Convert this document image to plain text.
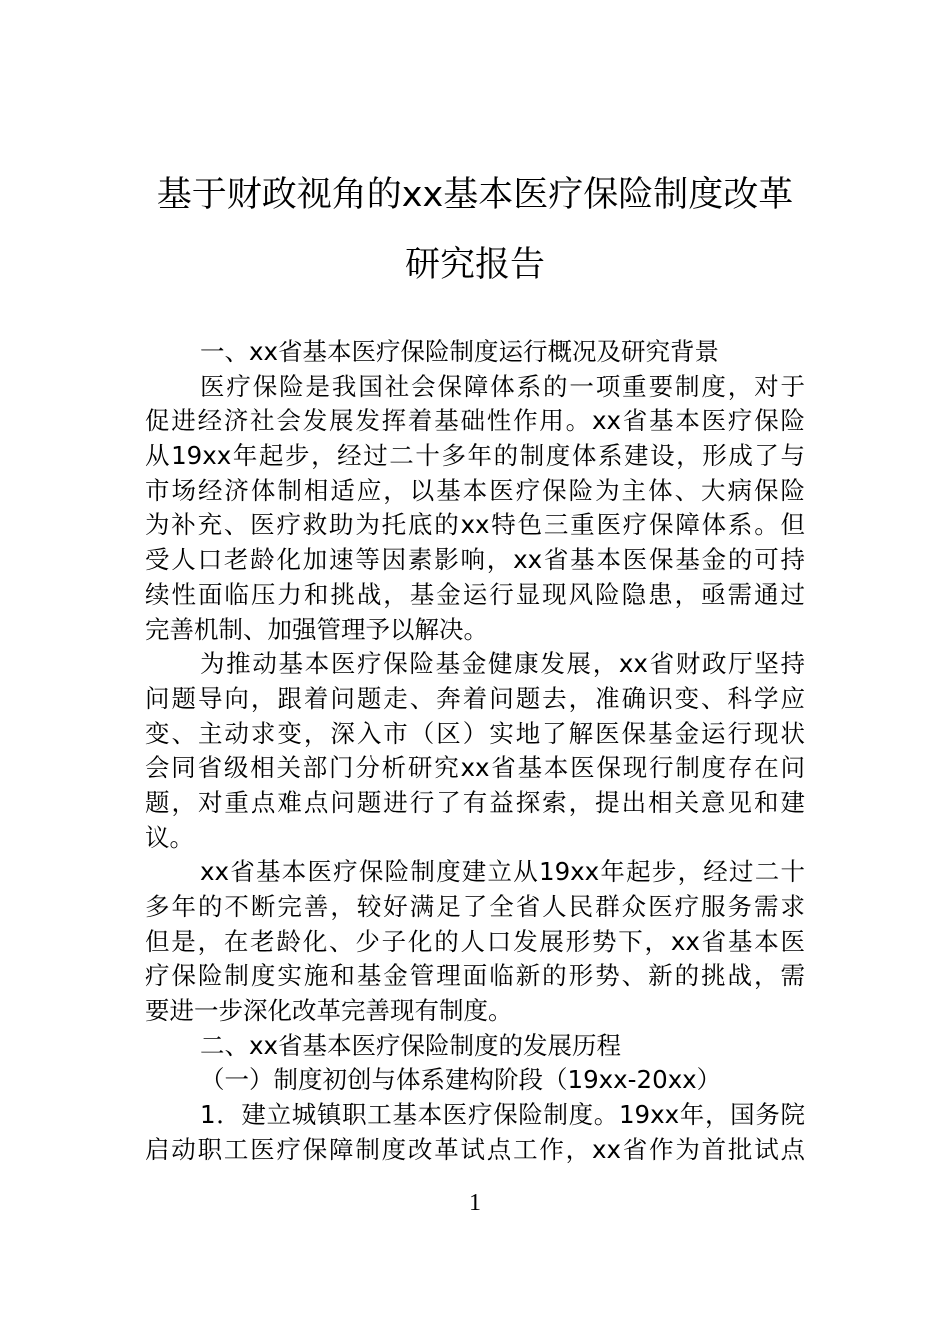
基于财政视角的xx基本医疗保险制度改革
研究报告
一、xx省基本医疗保险制度运行概况及研究背景
医疗保险是我国社会保障体系的一项重要制度，对于
促进经济社会发展发挥着基础性作用。xx省基本医疗保险
从19xx年起步，经过二十多年的制度体系建设，形成了与
市场经济体制相适应，以基本医疗保险为主体、大病保险
为补充、医疗救助为托底的xx特色三重医疗保障体系。但
受人口老龄化加速等因素影响，xx省基本医保基金的可持
续性面临压力和挑战，基金运行显现风险隐患，亟需通过
完善机制、加强管理予以解决。
为推动基本医疗保险基金健康发展，xx省财政厅坚持
问题导向，跟着问题走、奔着问题去，准确识变、科学应
变、主动求变，深入市（区）实地了解医保基金运行现状
会同省级相关部门分析研究xx省基本医保现行制度存在问
题，对重点难点问题进行了有益探索，提出相关意见和建
议。
xx省基本医疗保险制度建立从19xx年起步，经过二十
多年的不断完善，较好满足了全省人民群众医疗服务需求
但是，在老龄化、少子化的人口发展形势下，xx省基本医
疗保险制度实施和基金管理面临新的形势、新的挑战，需
要进一步深化改革完善现有制度。
二、xx省基本医疗保险制度的发展历程
（一）制度初创与体系建构阶段（19xx-20xx）
1．建立城镇职工基本医疗保险制度。19xx年，国务院
启动职工医疗保障制度改革试点工作，xx省作为首批试点
1
